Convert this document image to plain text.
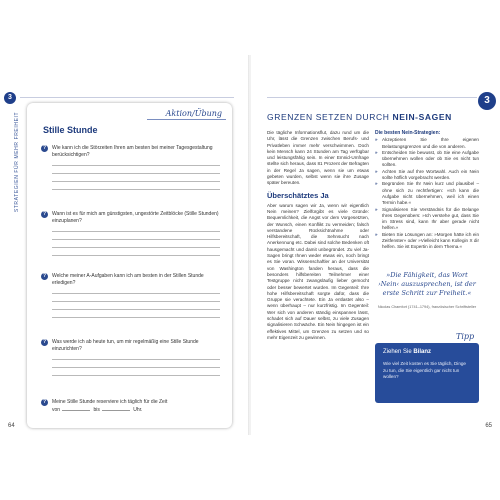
3
STRATEGIEN FÜR MEHR FREIHEIT	Aktion/Übung
Stille Stunde
?	Wie kann ich die Störzeiten Ihren am besten bei meiner Tagesgestaltung berücksichtigen?
?	Wann ist es für mich am günstigsten, ungestörte Zeitblöcke (Stille Stunden) einzuplanen?
?	Welche meiner A-Aufgaben kann ich am besten in der Stillen Stunde erledigen?
?	Was werde ich ab heute tun, um mir regelmäßig eine Stille Stunde einzurichten?
?	Meine Stille Stunde reserviere ich täglich für die Zeit
von	bis	Uhr.
64
3
GRENZEN SETZEN DURCH NEIN-SAGEN

Die tägliche Informationsflut, dazu rund um die Uhr, lässt die Grenzen zwischen Berufs- und Privatleben immer mehr verschwimmen. Doch kein Mensch kann 24 Stunden am Tag verfügbar und leistungsfähig sein. In einer Emnid-Umfrage stellte sich heraus, dass 81 Prozent der Befragten in der Regel Ja sagen, wenn sie um etwas gebeten wurden, selbst wenn sie ihre Zusage später bereuten.

Überschätztes Ja

Aber warum sagen wir Ja, wenn wir eigentlich Nein meinen? Zielfürgibt es viele Gründe: Bequemlichkeit, die Angst vor dem Vorgesetzten, der Wunsch, einen Konflikt zu vermeiden; falsch verstandene Rücksichtnahme oder Hilfsbereitschaft, die Sehnsucht nach Anerkennung etc. Dabei sind solche Bedenken oft hausgemacht und damit unbegründet. Zu viel Ja-Sagen bringt Ihnen weder etwas ein, noch bringt es Sie voran. Wissenschaftler an der Universität von Washington fanden heraus, dass die besonders hilfsbereiten Teilnehmer einer Testgruppe nicht zwangsläufig lieber gemocht oder besser bewertet wurden. Im Gegenteil: Ihre hohe Hilfsbereitschaft sorgte dafür, dass die Gruppe sie verachtete. Ein Ja entlastet also – wenn überhaupt – nur kurzfristig. Im Gegenteil: Wer sich von anderen ständig einspannen lässt, schadet sich auf Dauer selbst, zu viele Zusagen signalisieren Schwäche. Ein Nein hingegen ist ein effektives Mittel, um Grenzen zu setzen und so mehr Eigenzeit zu gewinnen.

Die besten Nein-Strategien:
» Akzeptieren Sie Ihre eigenen Belastungsgrenzen und die von anderen.
» Entscheiden Sie bewusst, ob Sie eine Aufgabe übernehmen wollen oder ob Sie es nicht tun sollten.
» Achten Sie auf Ihre Wortwahl. Auch ein Nein sollte höflich vorgebracht werden.
» Begründen Sie Ihr Nein kurz und plausibel – ohne sich zu rechtfertigen: »Ich kann die Aufgabe nicht übernehmen, weil ich einen Termin habe.«
» Signalisieren Sie Verständnis für die Belange Ihres Gegenübers: »Ich verstehe gut, dass Sie im Stress sind, kann Ihr aber gerade nicht helfen.«
» Bieten Sie Lösungen an: »Morgen hätte ich ein Zeitfenster« oder »Vielleicht kann Kollegin X dir helfen. Sie ist Expertin in dem Thema.«
»Die Fähigkeit, das Wort ›Nein‹ auszusprechen, ist der erste Schritt zur Freiheit.«
Nicolas Chamfort (1741–1794), französischer Schriftsteller
Tipp
Ziehen Sie Bilanz
Wie viel Zeit kosten es Sie täglich, Dinge zu tun, die Sie eigentlich gar nicht tun wollen?
65
